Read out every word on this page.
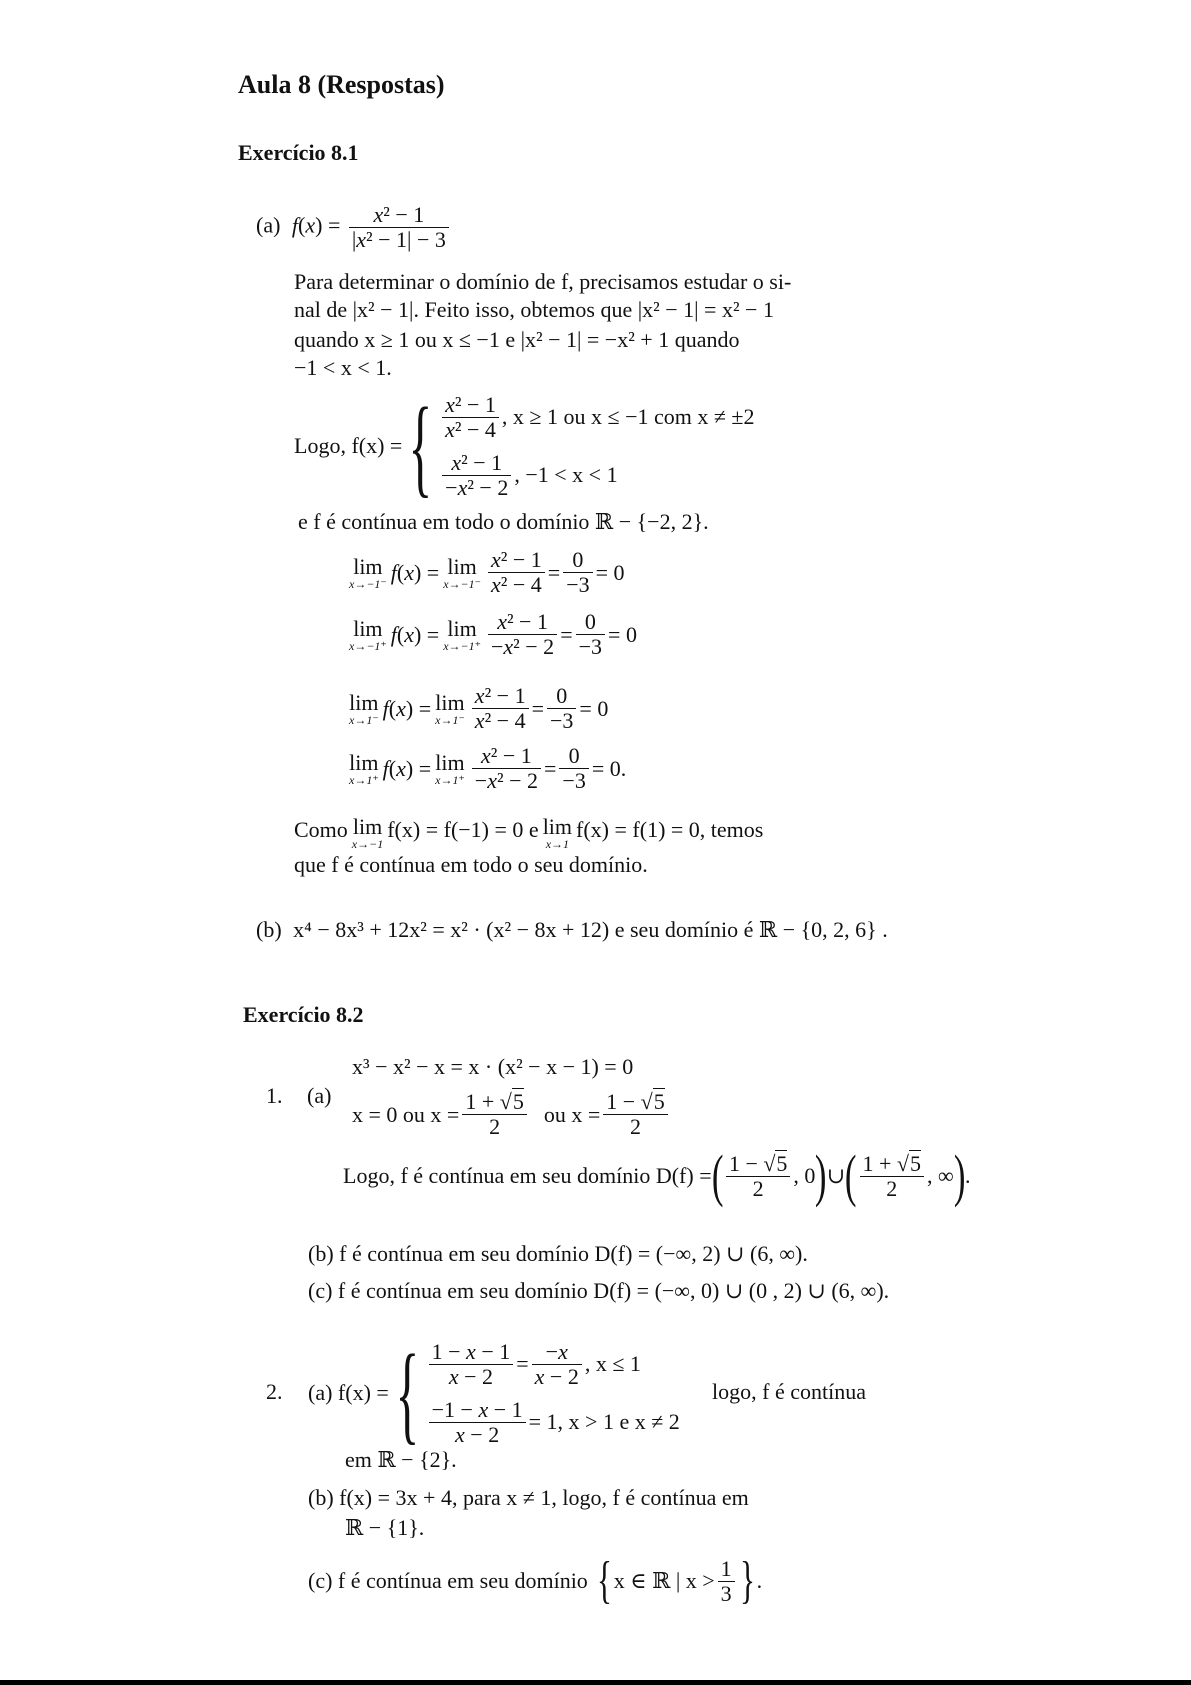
Aula 8 (Respostas)
Exercício 8.1
(a) $f(x) = \frac{\text{x² − 1}}{\text{|x² − 1| − 3}}$
Para determinar o domínio de f, precisamos estudar o si-
nal de |x² − 1|. Feito isso, obtemos que |x² − 1| = x² − 1
quando x ≥ 1 ou x ≤ −1 e |x² − 1| = −x² + 1 quando
−1 < x < 1.
Logo, f(x) = { $\frac{\text{x² − 1}}{\text{x² − 4}}$ , x ≥ 1 ou x ≤ −1 com x ≠ ±2
$\frac{\text{x² − 1}}{\text{−x² − 2}}$ , −1 < x < 1
e f é contínua em todo o domínio ℝ − {−2, 2}.
lim
x→−1⁻ f ( x ) = lim
$x\to-1^- \frac{\text{x² − 1}}{\text{x² − 4}} = \frac{0}{-3} = 0$
lim
x→−1⁺ f ( x ) = lim
$x\to-1^+ \frac{\text{x² − 1}}{\text{−x² − 2}} = \frac{0}{-3} = 0$
lim
x→1⁻ f ( x ) = lim
$x\to 1^- \frac{\text{x² − 1}}{\text{x² − 4}} = \frac{0}{-3} = 0$
lim
x→1⁺ f ( x ) = lim
$x\to 1^+ \frac{\text{x² − 1}}{\text{−x² − 2}} = \frac{0}{-3} = 0$.
Como lim
x→−1
f(x) = f(−1) = 0 e lim
x→1
f(x) = f(1) = 0, temos
que f é contínua em todo o seu domínio.
(b) x⁴ − 8x³ + 12x² = x² · (x² − 8x + 12) e seu domínio é ℝ − {0, 2, 6} .
Exercício 8.2
x³ − x² − x = x · (x² − x − 1) = 0
1. (a)
x = 0 ou $x = \frac{1 + √5}{2}$ ou $x = \frac{1 - √5}{2}$
Logo, f é contínua em seu domínio D(f) = ( $\frac{1 - √5}{2}$ , 0 ) ∪ ( $\frac{1 + √5}{2}$ , ∞ ) .
(b) f é contínua em seu domínio D(f) = (−∞, 2) ∪ (6, ∞).
(c) f é contínua em seu domínio D(f) = (−∞, 0) ∪ (0 , 2) ∪ (6, ∞).
2. (a) f(x) = { $\frac{1 - x - 1}{x - 2} = \frac{-x}{x - 2}$ , x ≤ 1
$\frac{-1 - x - 1}{x - 2} = 1$, x > 1 e x ≠ 2
logo, f é contínua
em ℝ − {2}.
(b) f(x) = 3x + 4, para x ≠ 1, logo, f é contínua em
ℝ − {1}.
(c) f é contínua em seu domínio { x ∈ ℝ | $x > \frac{1}{3}$ } .
